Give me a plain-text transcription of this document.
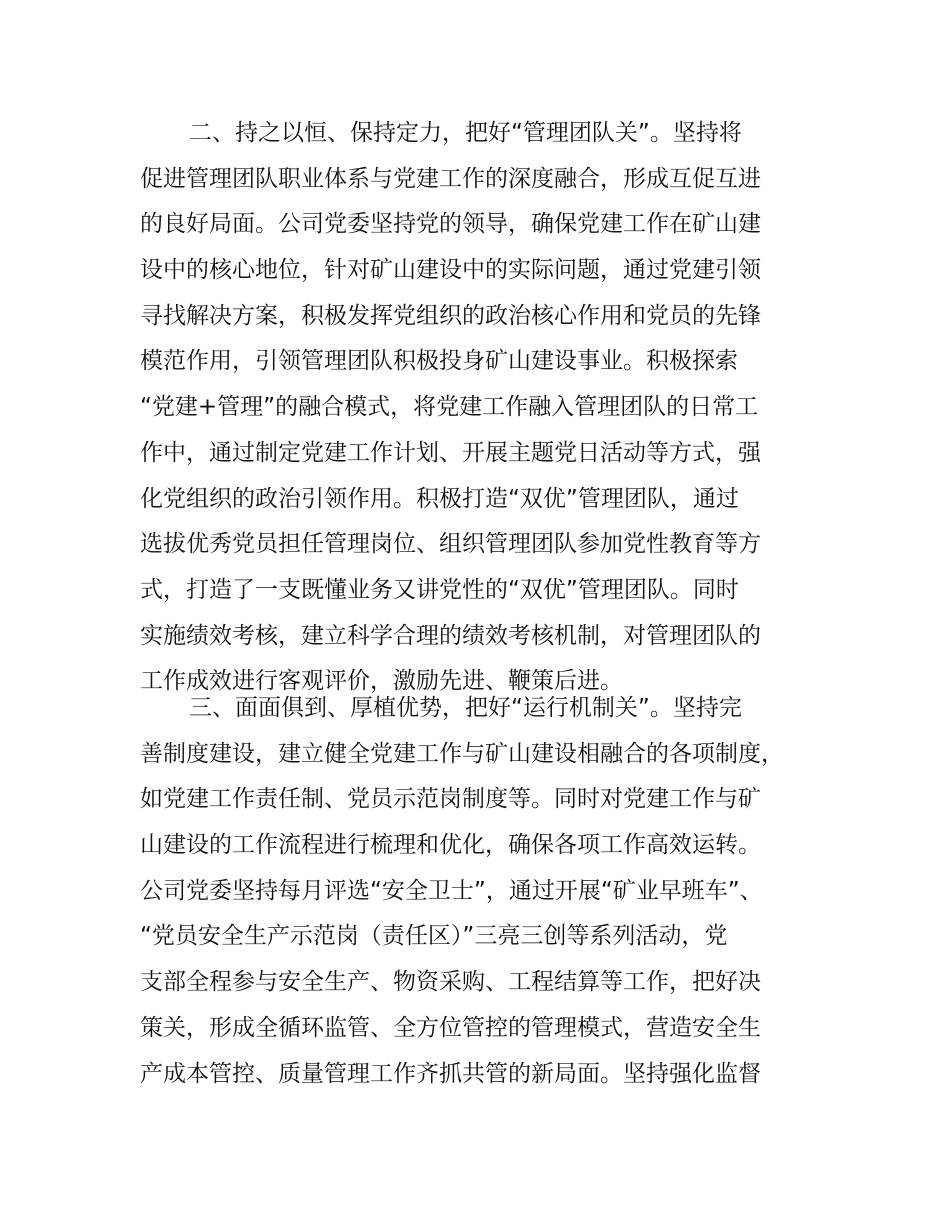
二、持之以恒、保持定力，把好“管理团队关”。坚持将
促进管理团队职业体系与党建工作的深度融合，形成互促互进
的良好局面。公司党委坚持党的领导，确保党建工作在矿山建
设中的核心地位，针对矿山建设中的实际问题，通过党建引领
寻找解决方案，积极发挥党组织的政治核心作用和党员的先锋
模范作用，引领管理团队积极投身矿山建设事业。积极探索
“党建+管理”的融合模式，将党建工作融入管理团队的日常工
作中，通过制定党建工作计划、开展主题党日活动等方式，强
化党组织的政治引领作用。积极打造“双优”管理团队，通过
选拔优秀党员担任管理岗位、组织管理团队参加党性教育等方
式，打造了一支既懂业务又讲党性的“双优”管理团队。同时
实施绩效考核，建立科学合理的绩效考核机制，对管理团队的
工作成效进行客观评价，激励先进、鞭策后进。
三、面面俱到、厚植优势，把好“运行机制关”。坚持完
善制度建设，建立健全党建工作与矿山建设相融合的各项制度，
如党建工作责任制、党员示范岗制度等。同时对党建工作与矿
山建设的工作流程进行梳理和优化，确保各项工作高效运转。
公司党委坚持每月评选“安全卫士”，通过开展“矿业早班车”、
“党员安全生产示范岗（责任区）”三亮三创等系列活动，党
支部全程参与安全生产、物资采购、工程结算等工作，把好决
策关，形成全循环监管、全方位管控的管理模式，营造安全生
产成本管控、质量管理工作齐抓共管的新局面。坚持强化监督
